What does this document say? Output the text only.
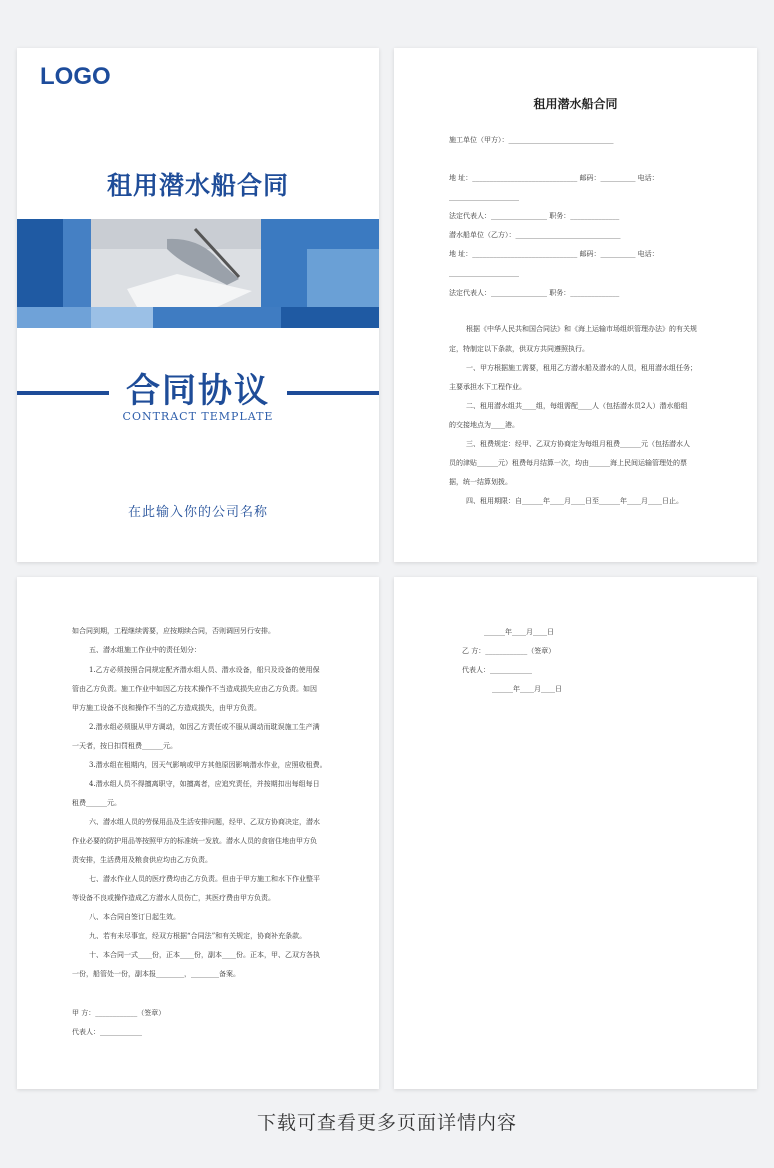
LOGO
租用潜水船合同
合同协议
CONTRACT TEMPLATE
在此输入你的公司名称
租用潜水船合同
施工单位（甲方）：______________________________
地 址：______________________________ 邮码：__________ 电话：
____________________
法定代表人：________________ 职务：______________
潜水船单位（乙方）：______________________________
地 址：______________________________ 邮码：__________ 电话：
____________________
法定代表人：________________ 职务：______________
根据《中华人民共和国合同法》和《海上运输市场组织管理办法》的有关规
定，特制定以下条款，供双方共同遵照执行。
一、甲方根据施工需要，租用乙方潜水船及潜水的人员，租用潜水组任务；
主要承担水下工程作业。
二、租用潜水组共____组，每组需配____人（包括潜水员2人）潜水船组
的交接地点为____港。
三、租费规定：经甲、乙双方协商定为每组月租费______元（包括潜水人
员的津贴______元）租费每月结算一次，均由______海上民间运输管理处的票
据，统一结算划拨。
四、租用期限：自______年____月____日至______年____月____日止。
如合同到期，工程继续需要，应按期续合同，否则调回另行安排。
五、潜水组施工作业中的责任划分：
1.乙方必须按照合同规定配齐潜水组人员、潜水设备，船只及设备的使用保
管由乙方负责。施工作业中如因乙方技术操作不当造成损失应由乙方负责。如因
甲方施工设备不良和操作不当的乙方造成损失，由甲方负责。
2.潜水组必须服从甲方调动，如因乙方责任或不服从调动而耽误施工生产满
一天者，按日扣罚租费______元。
3.潜水组在租期内，因天气影响或甲方其他原因影响潜水作业，应照收租费。
4.潜水组人员不得擅离职守，如擅离者，应追究责任，并按期扣出每组每日
租费______元。
六、潜水组人员的劳保用品及生活安排问题，经甲、乙双方协商决定，潜水
作业必要的防护用品等按照甲方的标准统一发放。潜水人员的食宿住地由甲方负
责安排，生活费用及粮食供应均由乙方负责。
七、潜水作业人员的医疗费均由乙方负责。但由于甲方施工和水下作业整平
等设备不良或操作造成乙方潜水人员伤亡，其医疗费由甲方负责。
八、本合同自签订日起生效。
九、若有未尽事宜，经双方根据“合同法”和有关规定，协商补充条款。
十、本合同一式____份，正本____份，副本____份。正本，甲、乙双方各执
一份，船管处一份，副本报________，________备案。
甲 方：____________（签章）
代表人：____________
______年____月____日
乙 方：____________（签章）
代表人：____________
______年____月____日
下载可查看更多页面详情内容
